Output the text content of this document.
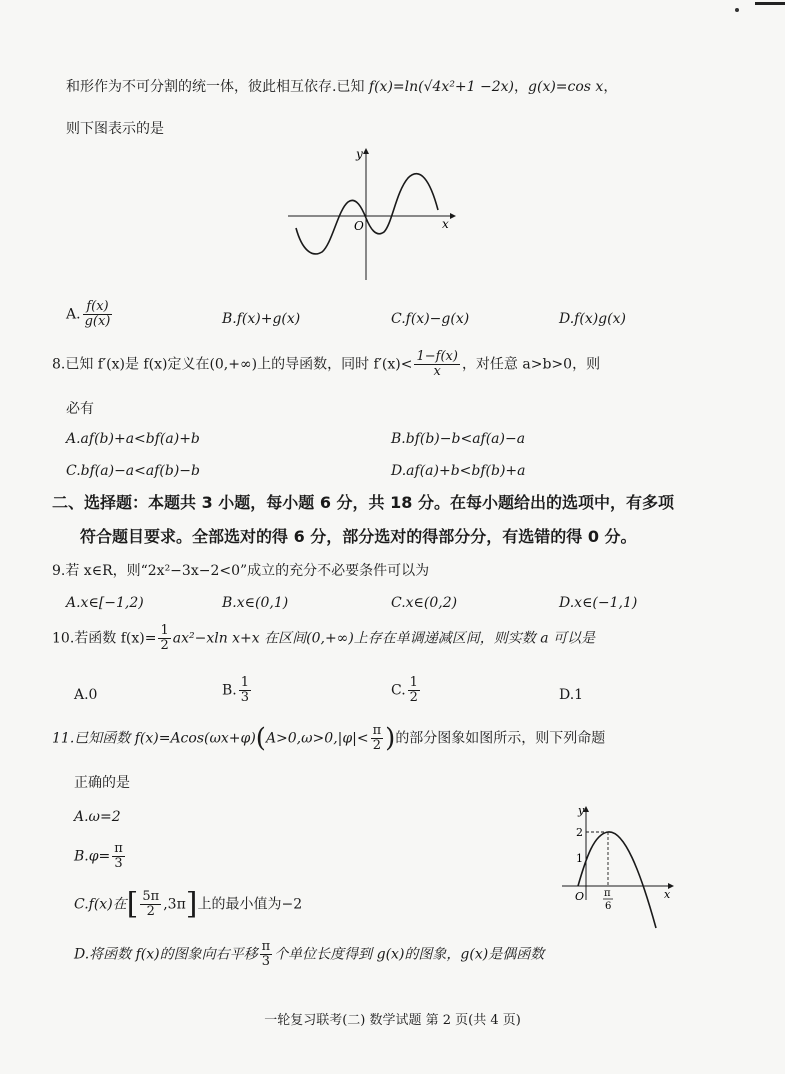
和形作为不可分割的统一体，彼此相互依存.已知 f(x)=ln(√4x²+1 −2x)，g(x)=cos x，
则下图表示的是
y
x
O
A. $\frac{f(x)}{g(x)}$	B.f(x)+g(x)	C.f(x)−g(x)	D.f(x)g(x)
8.已知 f′(x)是 f(x)定义在(0,+∞)上的导函数，同时 $f'(x)< \frac{1-f(x)}{x}$ ，对任意 a>b>0，则
必有
A.af(b)+a<bf(a)+b	B.bf(b)−b<af(a)−a
C.bf(a)−a<af(b)−b	D.af(a)+b<bf(b)+a
二、选择题：本题共 3 小题，每小题 6 分，共 18 分。在每小题给出的选项中，有多项
符合题目要求。全部选对的得 6 分，部分选对的得部分分，有选错的得 0 分。
9.若 x∈R，则“2x²−3x−2<0”成立的充分不必要条件可以为
A.x∈[−1,2)	B.x∈(0,1)	C.x∈(0,2)	D.x∈(−1,1)
10.若函数 $f(x)= \frac{1}{2} ax^2-xln$ x+x 在区间(0,+∞)上存在单调递减区间，则实数 a 可以是
A.0	B. $\frac{1}{3}$	C. $\frac{1}{2}$	D.1
11.已知函数 $f(x)=Acos(\omega x+\varphi)(A>0,\omega>0,|\varphi|< \frac{\pi}{2}$ )的部分图象如图所示，则下列命题
正确的是
A.ω=2
$B.\varphi= \frac{\pi}{3}$
C.f(x)在[ $\frac{5\pi}{2} ,3\pi$]上的最小值为−2
D.将函数 f(x)的图象向右平移 $\frac{\pi}{3}$ 个单位长度得到 g(x)的图象，g(x)是偶函数
y
x
O
2
1
π
6
一轮复习联考(二) 数学试题 第 2 页(共 4 页)
